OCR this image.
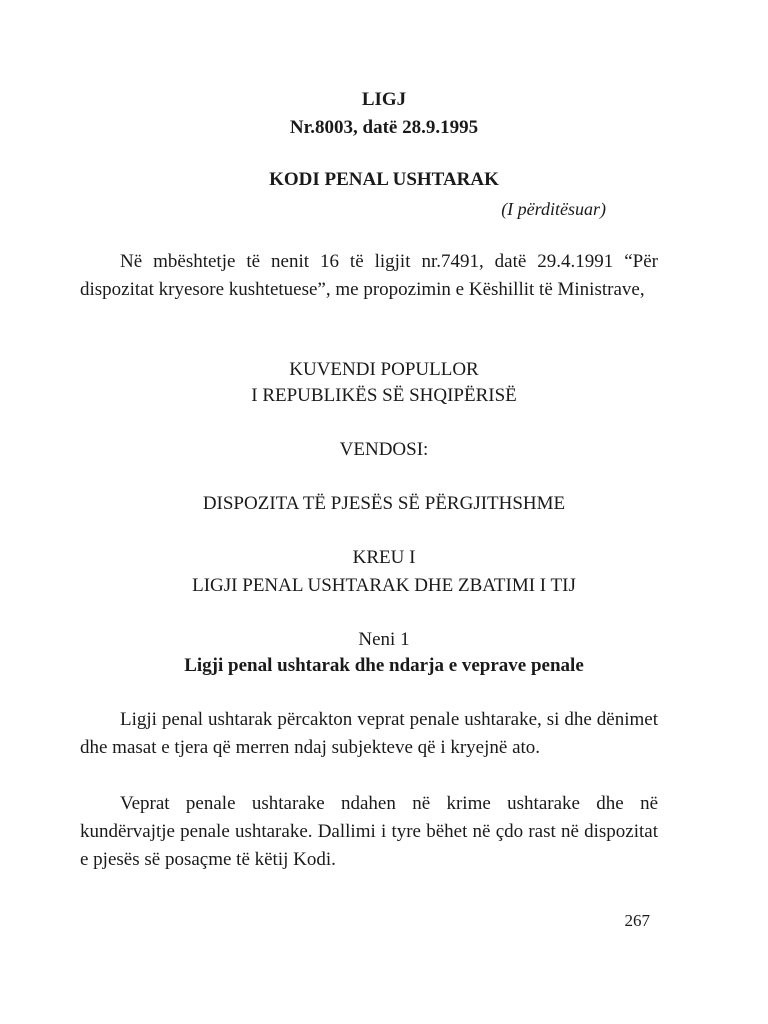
LIGJ
Nr.8003, datë 28.9.1995
KODI PENAL USHTARAK
(I përditësuar)

Në mbështetje të nenit 16 të ligjit nr.7491, datë 29.4.1991 “Për dispozitat kryesore kushtetuese”, me propozimin e Këshillit të Ministrave,

KUVENDI POPULLOR
I REPUBLIKËS SË SHQIPËRISË
VENDOSI:
DISPOZITA TË PJESËS SË PËRGJITHSHME
KREU I
LIGJI PENAL USHTARAK DHE ZBATIMI I TIJ
Neni 1
Ligji penal ushtarak dhe ndarja e veprave penale

Ligji penal ushtarak përcakton veprat penale ushtarake, si dhe dënimet dhe masat e tjera që merren ndaj subjekteve që i kryejnë ato.

Veprat penale ushtarake ndahen në krime ushtarake dhe në kundërvajtje penale ushtarake. Dallimi i tyre bëhet në çdo rast në dispozitat e pjesës së posaçme të këtij Kodi.

267
